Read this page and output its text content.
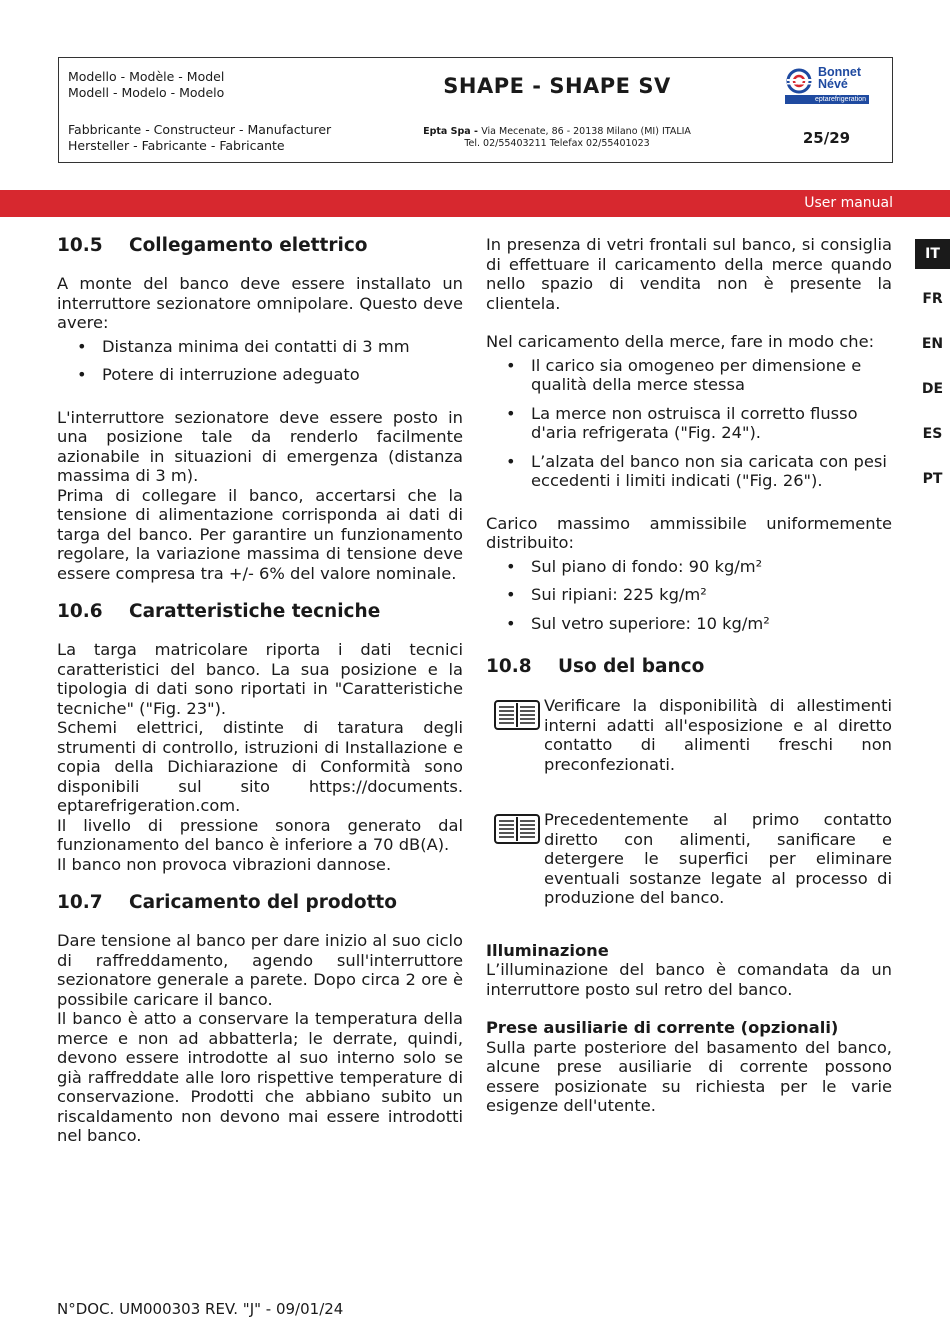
Modello - Modèle - Model
Modell - Modelo - Modelo	SHAPE - SHAPE SV
Bonnet
Névé
eptarefrigeration
Fabbricante - Constructeur - Manufacturer
Hersteller - Fabricante - Fabricante
Epta Spa - Via Mecenate, 86 - 20138 Milano (MI) ITALIA
Tel. 02/55403211 Telefax 02/55401023	25/29
User manual
IT
FR
EN
DE
ES
PT
10.5	Collegamento elettrico

A monte del banco deve essere installato un interruttore sezionatore omnipolare. Questo deve avere:

• Distanza minima dei contatti di 3 mm
• Potere di interruzione adeguato

L'interruttore sezionatore deve essere posto in una posizione tale da renderlo facilmente azionabile in situazioni di emergenza (distanza massima di 3 m).

Prima di collegare il banco, accertarsi che la tensione di alimentazione corrisponda ai dati di targa del banco. Per garantire un funzionamento regolare, la variazione massima di tensione deve essere compresa tra +/- 6% del valore nominale.

10.6	Caratteristiche tecniche

La targa matricolare riporta i dati tecnici caratteristici del banco. La sua posizione e la tipologia di dati sono riportati in "Caratteristiche tecniche" ("Fig. 23").

Schemi elettrici, distinte di taratura degli strumenti di controllo, istruzioni di Installazione e copia della Dichiarazione di Conformità sono disponibili sul sito https://documents. eptarefrigeration.com.

Il livello di pressione sonora generato dal funzionamento del banco è inferiore a 70 dB(A).

Il banco non provoca vibrazioni dannose.

10.7	Caricamento del prodotto

Dare tensione al banco per dare inizio al suo ciclo di raffreddamento, agendo sull'interruttore sezionatore generale a parete. Dopo circa 2 ore è possibile caricare il banco.

Il banco è atto a conservare la temperatura della merce e non ad abbatterla; le derrate, quindi, devono essere introdotte al suo interno solo se già raffreddate alle loro rispettive temperature di conservazione. Prodotti che abbiano subito un riscaldamento non devono mai essere introdotti nel banco.

In presenza di vetri frontali sul banco, si consiglia di effettuare il caricamento della merce quando nello spazio di vendita non è presente la clientela.

Nel caricamento della merce, fare in modo che:

• Il carico sia omogeneo per dimensione e qualità della merce stessa
• La merce non ostruisca il corretto flusso d'aria refrigerata ("Fig. 24").
• L’alzata del banco non sia caricata con pesi eccedenti i limiti indicati ("Fig. 26").

Carico massimo ammissibile uniformemente distribuito:

• Sul piano di fondo: 90 kg/m²
• Sui ripiani: 225 kg/m²
• Sul vetro superiore: 10 kg/m²
10.8	Uso del banco

Verificare la disponibilità di allestimenti interni adatti all'esposizione e al diretto contatto di alimenti freschi non preconfezionati.

Precedentemente al primo contatto diretto con alimenti, sanificare e detergere le superfici per eliminare eventuali sostanze legate al processo di produzione del banco.

Illuminazione

L’illuminazione del banco è comandata da un interruttore posto sul retro del banco.

Prese ausiliarie di corrente (opzionali)

Sulla parte posteriore del basamento del banco, alcune prese ausiliarie di corrente possono essere posizionate su richiesta per le varie esigenze dell'utente.

N°DOC. UM000303 REV. "J" - 09/01/24
